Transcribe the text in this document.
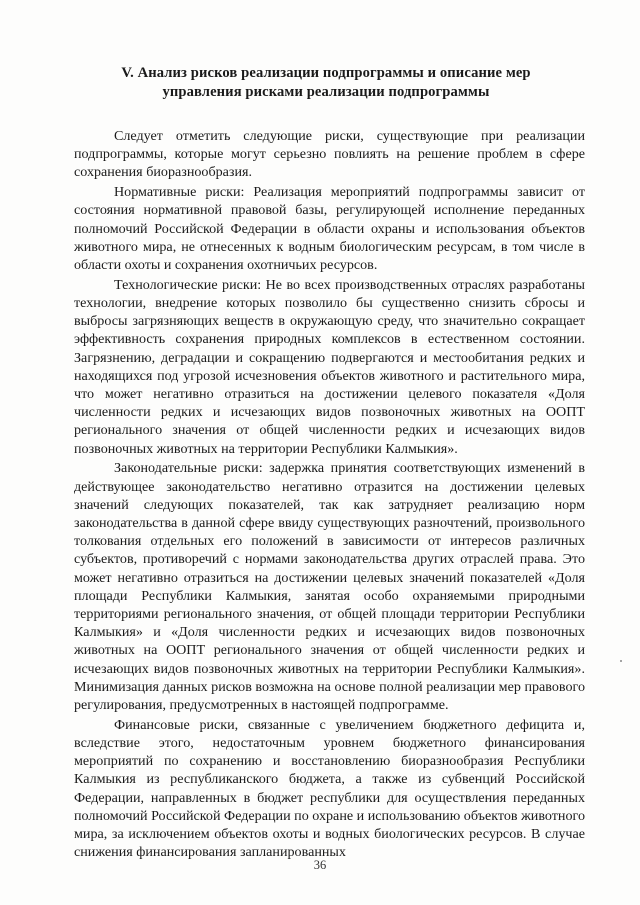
V. Анализ рисков реализации подпрограммы и описание мер
управления рисками реализации подпрограммы

Следует отметить следующие риски, существующие при реализации подпрограммы, которые могут серьезно повлиять на решение проблем в сфере сохранения биоразнообразия.

Нормативные риски: Реализация мероприятий подпрограммы зависит от состояния нормативной правовой базы, регулирующей исполнение переданных полномочий Российской Федерации в области охраны и использования объектов животного мира, не отнесенных к водным биологическим ресурсам, в том числе в области охоты и сохранения охотничьих ресурсов.

Технологические риски: Не во всех производственных отраслях разработаны технологии, внедрение которых позволило бы существенно снизить сбросы и выбросы загрязняющих веществ в окружающую среду, что значительно сокращает эффективность сохранения природных комплексов в естественном состоянии. Загрязнению, деградации и сокращению подвергаются и местообитания редких и находящихся под угрозой исчезновения объектов животного и растительного мира, что может негативно отразиться на достижении целевого показателя «Доля численности редких и исчезающих видов позвоночных животных на ООПТ регионального значения от общей численности редких и исчезающих видов позвоночных животных на территории Республики Калмыкия».

Законодательные риски: задержка принятия соответствующих изменений в действующее законодательство негативно отразится на достижении целевых значений следующих показателей, так как затрудняет реализацию норм законодательства в данной сфере ввиду существующих разночтений, произвольного толкования отдельных его положений в зависимости от интересов различных субъектов, противоречий с нормами законодательства других отраслей права. Это может негативно отразиться на достижении целевых значений показателей «Доля площади Республики Калмыкия, занятая особо охраняемыми природными территориями регионального значения, от общей площади территории Республики Калмыкия» и «Доля численности редких и исчезающих видов позвоночных животных на ООПТ регионального значения от общей численности редких и исчезающих видов позвоночных животных на территории Республики Калмыкия». Минимизация данных рисков возможна на основе полной реализации мер правового регулирования, предусмотренных в настоящей подпрограмме.

Финансовые риски, связанные с увеличением бюджетного дефицита и, вследствие этого, недостаточным уровнем бюджетного финансирования мероприятий по сохранению и восстановлению биоразнообразия Республики Калмыкия из республиканского бюджета, а также из субвенций Российской Федерации, направленных в бюджет республики для осуществления переданных полномочий Российской Федерации по охране и использованию объектов животного мира, за исключением объектов охоты и водных биологических ресурсов. В случае снижения финансирования запланированных

36
